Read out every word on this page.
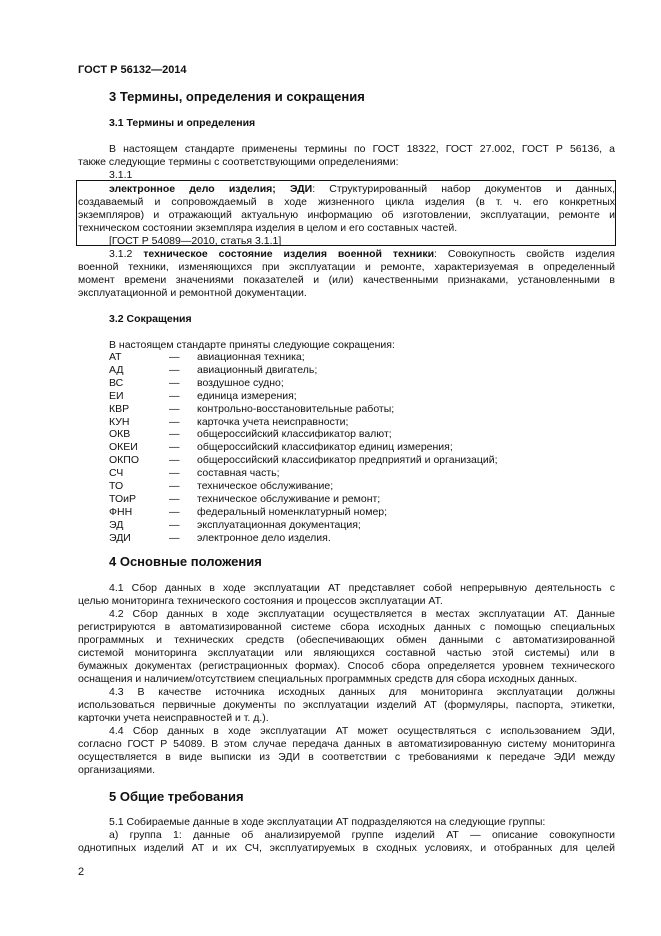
ГОСТ Р 56132—2014
3 Термины, определения и сокращения
3.1 Термины и определения
В настоящем стандарте применены термины по ГОСТ 18322, ГОСТ 27.002, ГОСТ Р 56136, а
также следующие термины с соответствующими определениями:
3.1.1
электронное дело изделия; ЭДИ: Структурированный набор документов и данных,
создаваемый и сопровождаемый в ходе жизненного цикла изделия (в т. ч. его конкретных
экземпляров) и отражающий актуальную информацию об изготовлении, эксплуатации, ремонте и
техническом состоянии экземпляра изделия в целом и его составных частей.
[ГОСТ Р 54089—2010, статья 3.1.1]
3.1.2 техническое состояние изделия военной техники: Совокупность свойств изделия
военной техники, изменяющихся при эксплуатации и ремонте, характеризуемая в определенный
момент времени значениями показателей и (или) качественными признаками, установленными в
эксплуатационной и ремонтной документации.
3.2 Сокращения
В настоящем стандарте приняты следующие сокращения:
АТ	— авиационная техника;
АД	— авиационный двигатель;
ВС	— воздушное судно;
ЕИ	— единица измерения;
КВР	— контрольно-восстановительные работы;
КУН	— карточка учета неисправности;
ОКВ	— общероссийский классификатор валют;
ОКЕИ	— общероссийский классификатор единиц измерения;
ОКПО	— общероссийский классификатор предприятий и организаций;
СЧ	— составная часть;
ТО	— техническое обслуживание;
ТОиР	— техническое обслуживание и ремонт;
ФНН	— федеральный номенклатурный номер;
ЭД	— эксплуатационная документация;
ЭДИ	— электронное дело изделия.
4 Основные положения
4.1 Сбор данных в ходе эксплуатации АТ представляет собой непрерывную деятельность с
целью мониторинга технического состояния и процессов эксплуатации АТ.
4.2 Сбор данных в ходе эксплуатации осуществляется в местах эксплуатации АТ. Данные
регистрируются в автоматизированной системе сбора исходных данных с помощью специальных
программных и технических средств (обеспечивающих обмен данными с автоматизированной
системой мониторинга эксплуатации или являющихся составной частью этой системы) или в
бумажных документах (регистрационных формах). Способ сбора определяется уровнем технического
оснащения и наличием/отсутствием специальных программных средств для сбора исходных данных.
4.3 В качестве источника исходных данных для мониторинга эксплуатации должны
использоваться первичные документы по эксплуатации изделий АТ (формуляры, паспорта, этикетки,
карточки учета неисправностей и т. д.).
4.4 Сбор данных в ходе эксплуатации АТ может осуществляться с использованием ЭДИ,
согласно ГОСТ Р 54089. В этом случае передача данных в автоматизированную систему мониторинга
осуществляется в виде выписки из ЭДИ в соответствии с требованиями к передаче ЭДИ между
организациями.
5 Общие требования
5.1 Собираемые данные в ходе эксплуатации АТ подразделяются на следующие группы:
а) группа 1: данные об анализируемой группе изделий АТ — описание совокупности
однотипных изделий АТ и их СЧ, эксплуатируемых в сходных условиях, и отобранных для целей
2
